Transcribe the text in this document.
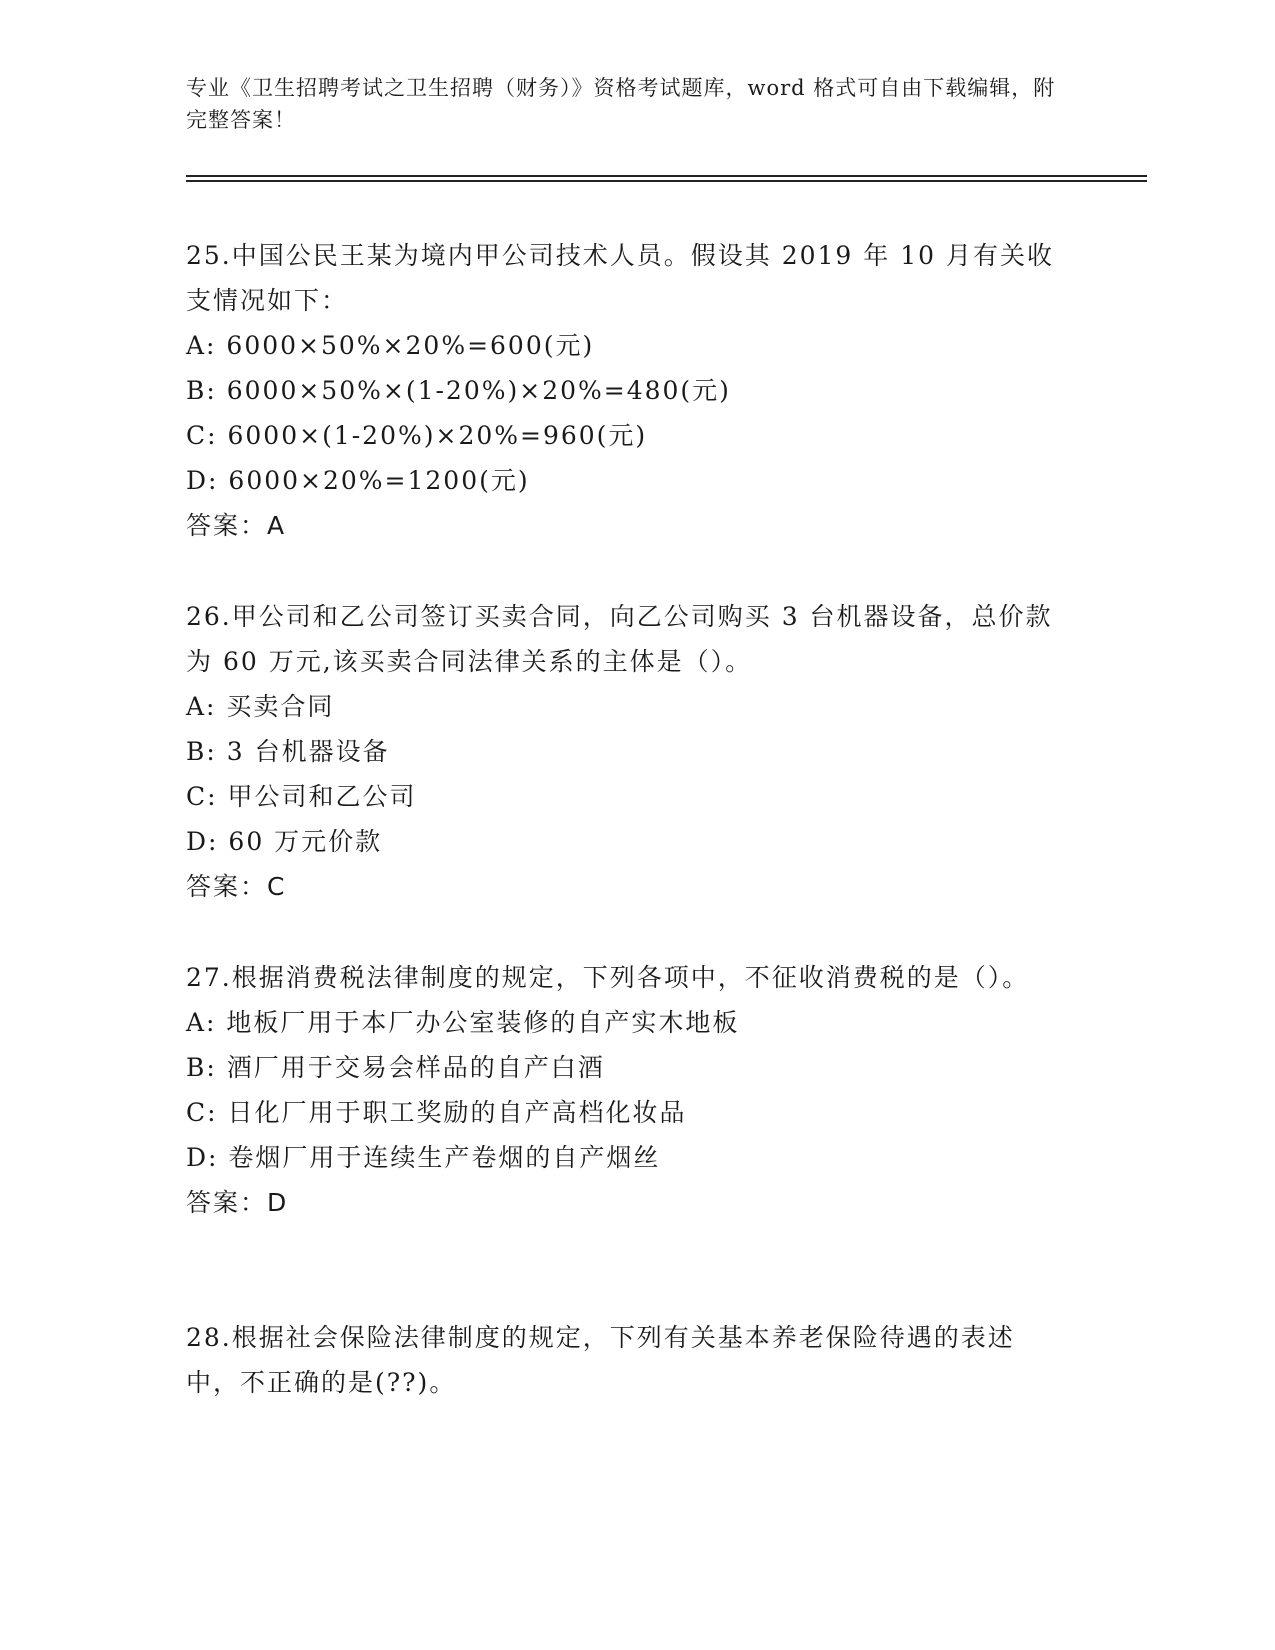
专业《卫生招聘考试之卫生招聘（财务）》资格考试题库，word 格式可自由下载编辑，附完整答案！
25.中国公民王某为境内甲公司技术人员。假设其 2019 年 10 月有关收支情况如下：
A: 6000×50%×20%=600(元)
B: 6000×50%×(1-20%)×20%=480(元)
C: 6000×(1-20%)×20%=960(元)
D: 6000×20%=1200(元)
答案：A
26.甲公司和乙公司签订买卖合同，向乙公司购买 3 台机器设备，总价款为 60 万元,该买卖合同法律关系的主体是（）。
A: 买卖合同
B: 3 台机器设备
C: 甲公司和乙公司
D: 60 万元价款
答案：C
27.根据消费税法律制度的规定，下列各项中，不征收消费税的是（）。
A: 地板厂用于本厂办公室装修的自产实木地板
B: 酒厂用于交易会样品的自产白酒
C: 日化厂用于职工奖励的自产高档化妆品
D: 卷烟厂用于连续生产卷烟的自产烟丝
答案：D
28.根据社会保险法律制度的规定，下列有关基本养老保险待遇的表述中，不正确的是(??)。
